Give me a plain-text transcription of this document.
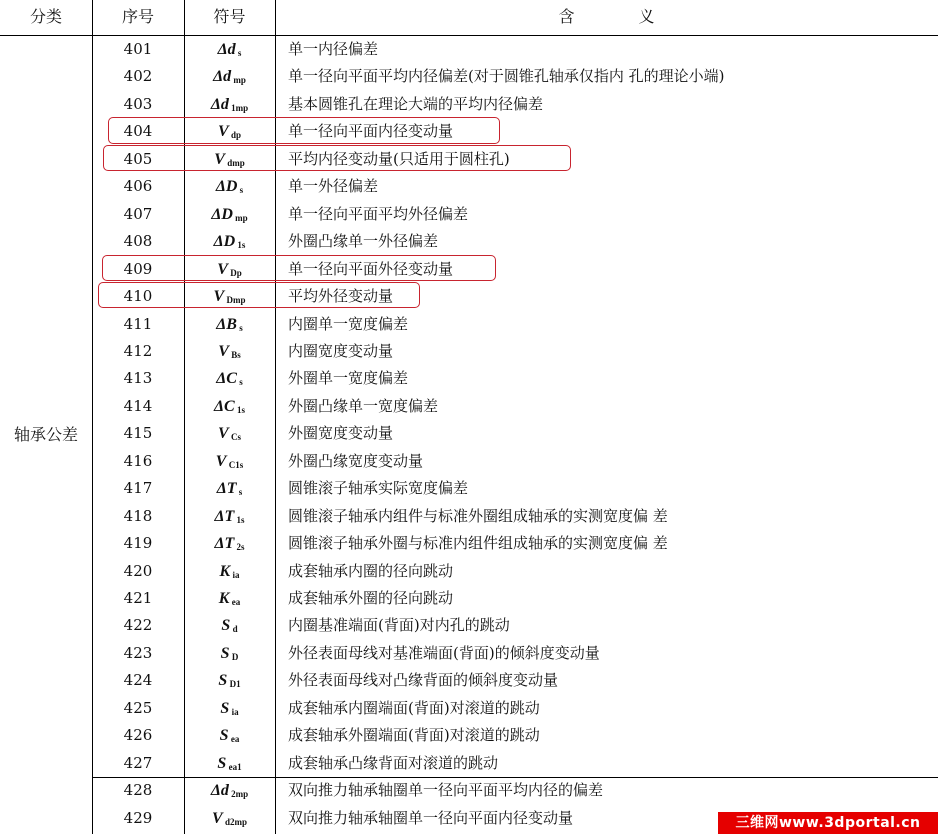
分类	序号	符号	含　　　　义
轴承公差
401	Δd $_s$	单一内径偏差
402	Δd $_{mp}$	单一径向平面平均内径偏差(对于圆锥孔轴承仅指内 孔的理论小端)
403	Δd $_{1mp}$	基本圆锥孔在理论大端的平均内径偏差
404	V $_{dp}$	单一径向平面内径变动量
405	V $_{dmp}$	平均内径变动量(只适用于圆柱孔)
406	ΔD $_s$	单一外径偏差
407	ΔD $_{mp}$	单一径向平面平均外径偏差
408	ΔD $_{1s}$	外圈凸缘单一外径偏差
409	V $_{Dp}$	单一径向平面外径变动量
410	V $_{Dmp}$	平均外径变动量
411	ΔB $_s$	内圈单一宽度偏差
412	V $_{Bs}$	内圈宽度变动量
413	ΔC $_s$	外圈单一宽度偏差
414	ΔC $_{1s}$	外圈凸缘单一宽度偏差
415	V $_{Cs}$	外圈宽度变动量
416	V $_{C1s}$	外圈凸缘宽度变动量
417	ΔT $_s$	圆锥滚子轴承实际宽度偏差
418	ΔT $_{1s}$	圆锥滚子轴承内组件与标准外圈组成轴承的实测宽度偏 差
419	ΔT $_{2s}$	圆锥滚子轴承外圈与标准内组件组成轴承的实测宽度偏 差
420	K $_{ia}$	成套轴承内圈的径向跳动
421	K $_{ea}$	成套轴承外圈的径向跳动
422	S $_d$	内圈基准端面(背面)对内孔的跳动
423	S $_D$	外径表面母线对基准端面(背面)的倾斜度变动量
424	S $_{D1}$	外径表面母线对凸缘背面的倾斜度变动量
425	S $_{ia}$	成套轴承内圈端面(背面)对滚道的跳动
426	S $_{ea}$	成套轴承外圈端面(背面)对滚道的跳动
427	S $_{ea1}$	成套轴承凸缘背面对滚道的跳动
428	Δd $_{2mp}$	双向推力轴承轴圈单一径向平面平均内径的偏差
429	V $_{d2mp}$	双向推力轴承轴圈单一径向平面内径变动量	三维网www.3dportal.cn
